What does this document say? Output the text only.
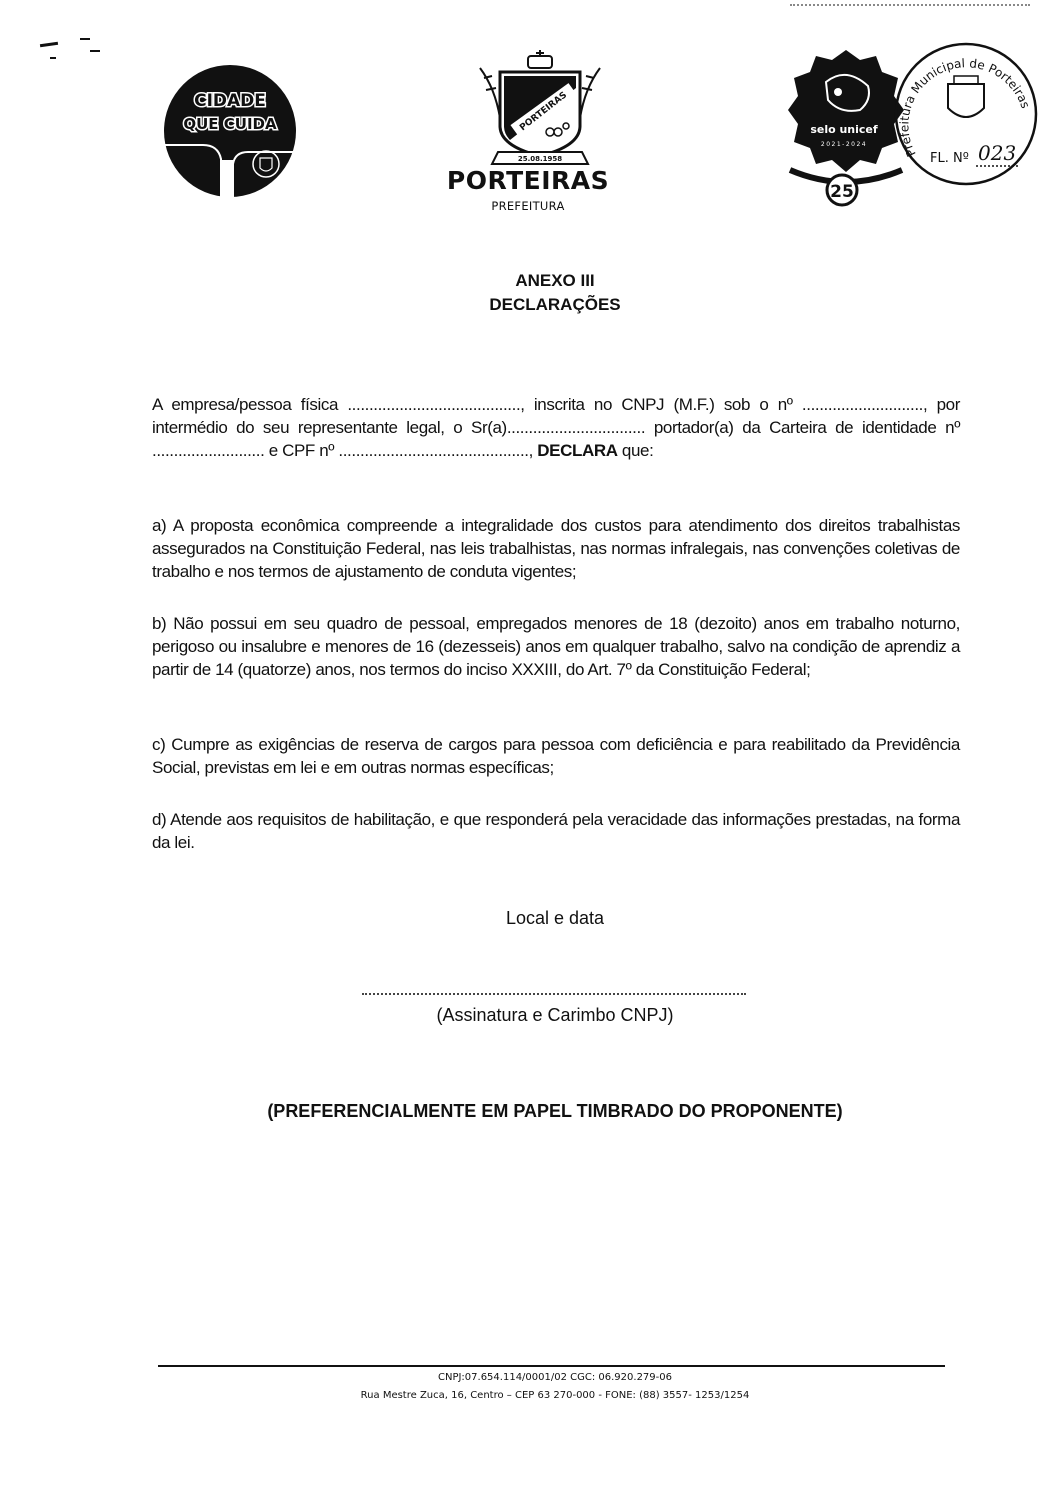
CIDADE
QUE CUIDA	PORTEIRAS
25.08.1958
PORTEIRAS
PREFEITURA
selo unicef
2021-2024
25
Prefeitura Municipal de Porteiras
FL. Nº 023
ANEXO III
DECLARAÇÕES
A empresa/pessoa física ........................................, inscrita no CNPJ (M.F.) sob o nº ............................, por intermédio do seu representante legal, o Sr(a)................................ portador(a) da Carteira de identidade nº .......................... e CPF nº ............................................, DECLARA que:
a) A proposta econômica compreende a integralidade dos custos para atendimento dos direitos trabalhistas assegurados na Constituição Federal, nas leis trabalhistas, nas normas infralegais, nas convenções coletivas de trabalho e nos termos de ajustamento de conduta vigentes;
b) Não possui em seu quadro de pessoal, empregados menores de 18 (dezoito) anos em trabalho noturno, perigoso ou insalubre e menores de 16 (dezesseis) anos em qualquer trabalho, salvo na condição de aprendiz a partir de 14 (quatorze) anos, nos termos do inciso XXXIII, do Art. 7º da Constituição Federal;
c) Cumpre as exigências de reserva de cargos para pessoa com deficiência e para reabilitado da Previdência Social, previstas em lei e em outras normas específicas;
d) Atende aos requisitos de habilitação, e que responderá pela veracidade das informações prestadas, na forma da lei.
Local e data
(Assinatura e Carimbo CNPJ)
(PREFERENCIALMENTE EM PAPEL TIMBRADO DO PROPONENTE)
CNPJ:07.654.114/0001/02 CGC: 06.920.279-06
Rua Mestre Zuca, 16, Centro – CEP 63 270-000 - FONE: (88) 3557- 1253/1254
